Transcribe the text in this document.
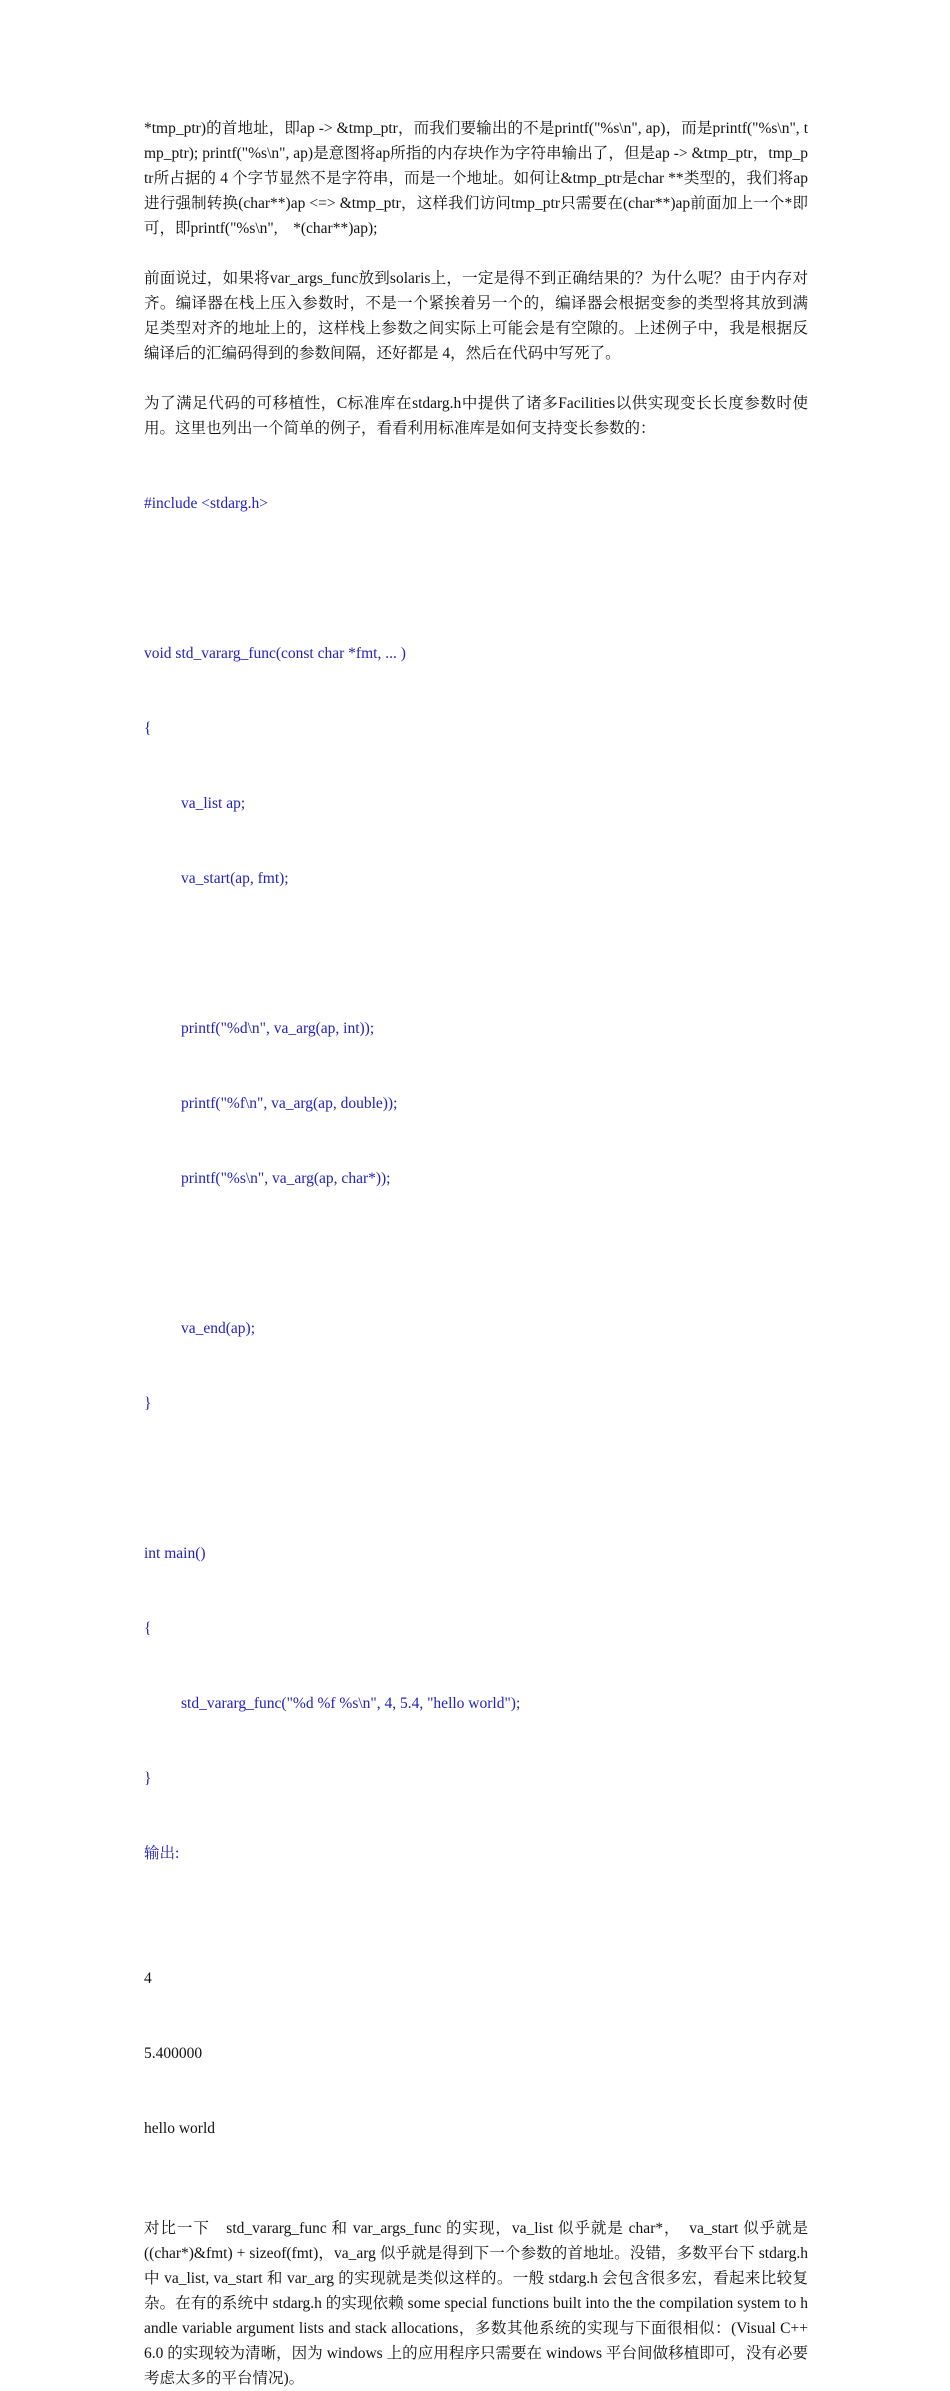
*tmp_ptr)的首地址，即ap -> &tmp_ptr，而我们要输出的不是printf("%s\n", ap)，而是printf("%s\n", tmp_ptr); printf("%s\n", ap)是意图将ap所指的内存块作为字符串输出了，但是ap -> &tmp_ptr，tmp_ptr所占据的 4 个字节显然不是字符串，而是一个地址。如何让&tmp_ptr是char **类型的，我们将ap进行强制转换(char**)ap <=> &tmp_ptr，这样我们访问tmp_ptr只需要在(char**)ap前面加上一个*即可，即printf("%s\n",　*(char**)ap);

前面说过，如果将var_args_func放到solaris上，一定是得不到正确结果的？为什么呢？由于内存对齐。编译器在栈上压入参数时，不是一个紧挨着另一个的，编译器会根据变参的类型将其放到满足类型对齐的地址上的，这样栈上参数之间实际上可能会是有空隙的。上述例子中，我是根据反编译后的汇编码得到的参数间隔，还好都是 4，然后在代码中写死了。

为了满足代码的可移植性，C标准库在stdarg.h中提供了诸多Facilities以供实现变长长度参数时使用。这里也列出一个简单的例子，看看利用标准库是如何支持变长参数的：

#include <stdarg.h>

void std_vararg_func(const char *fmt, ... )

{

va_list ap;

va_start(ap, fmt);

printf("%d\n", va_arg(ap, int));

printf("%f\n", va_arg(ap, double));

printf("%s\n", va_arg(ap, char*));

va_end(ap);

}

int main()

{

std_vararg_func("%d %f %s\n", 4, 5.4, "hello world");

}

输出:

4

5.400000

hello world

对比一下　std_vararg_func 和 var_args_func 的实现，va_list 似乎就是 char*，　va_start 似乎就是　((char*)&fmt) + sizeof(fmt)，va_arg 似乎就是得到下一个参数的首地址。没错，多数平台下 stdarg.h 中 va_list, va_start 和 var_arg 的实现就是类似这样的。一般 stdarg.h 会包含很多宏，看起来比较复杂。在有的系统中 stdarg.h 的实现依赖 some special functions built into the the compilation system to handle variable argument lists and stack allocations，多数其他系统的实现与下面很相似：(Visual C++ 6.0 的实现较为清晰，因为 windows 上的应用程序只需要在 windows 平台间做移植即可，没有必要考虑太多的平台情况)。
